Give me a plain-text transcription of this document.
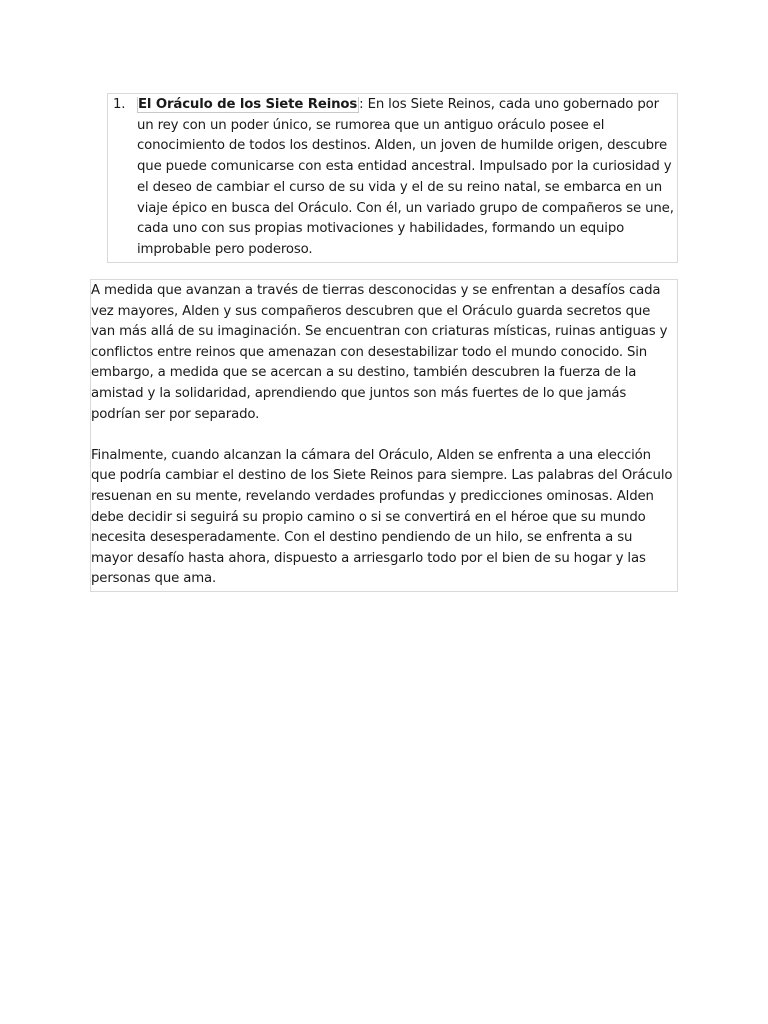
1. El Oráculo de los Siete Reinos : En los Siete Reinos, cada uno gobernado por un rey con un poder único, se rumorea que un antiguo oráculo posee el conocimiento de todos los destinos. Alden, un joven de humilde origen, descubre que puede comunicarse con esta entidad ancestral. Impulsado por la curiosidad y el deseo de cambiar el curso de su vida y el de su reino natal, se embarca en un viaje épico en busca del Oráculo. Con él, un variado grupo de compañeros se une, cada uno con sus propias motivaciones y habilidades, formando un equipo improbable pero poderoso.

A medida que avanzan a través de tierras desconocidas y se enfrentan a desafíos cada vez mayores, Alden y sus compañeros descubren que el Oráculo guarda secretos que van más allá de su imaginación. Se encuentran con criaturas místicas, ruinas antiguas y conflictos entre reinos que amenazan con desestabilizar todo el mundo conocido. Sin embargo, a medida que se acercan a su destino, también descubren la fuerza de la amistad y la solidaridad, aprendiendo que juntos son más fuertes de lo que jamás podrían ser por separado.

Finalmente, cuando alcanzan la cámara del Oráculo, Alden se enfrenta a una elección que podría cambiar el destino de los Siete Reinos para siempre. Las palabras del Oráculo resuenan en su mente, revelando verdades profundas y predicciones ominosas. Alden debe decidir si seguirá su propio camino o si se convertirá en el héroe que su mundo necesita desesperadamente. Con el destino pendiendo de un hilo, se enfrenta a su mayor desafío hasta ahora, dispuesto a arriesgarlo todo por el bien de su hogar y las personas que ama.
